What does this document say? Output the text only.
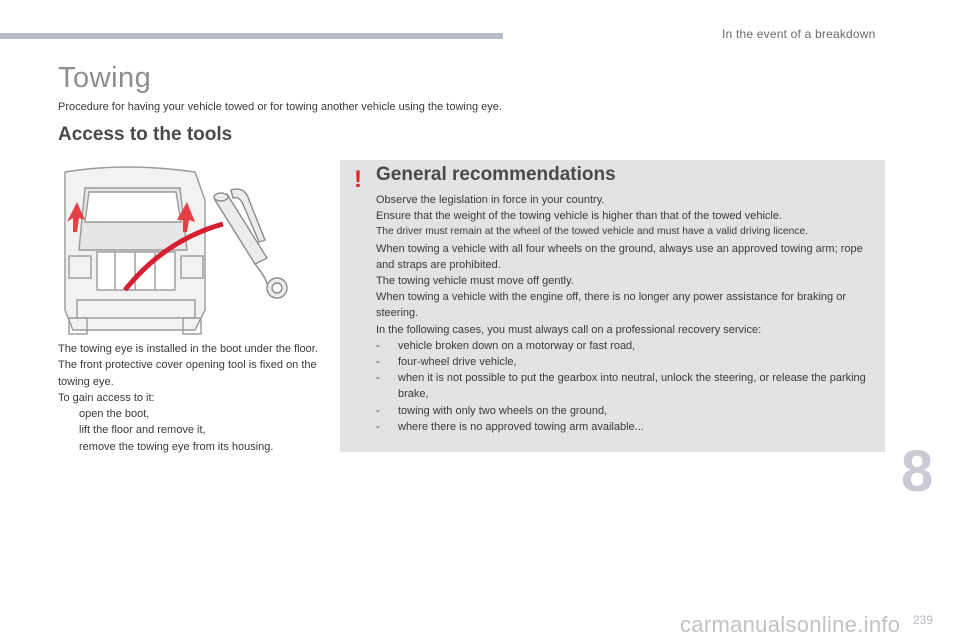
In the event of a breakdown
Towing
Procedure for having your vehicle towed or for towing another vehicle using the towing eye.
Access to the tools

The towing eye is installed in the boot under the floor.

The front protective cover opening tool is fixed on the towing eye.

To gain access to it:

open the boot,
lift the floor and remove it,
remove the towing eye from its housing.
! General recommendations

Observe the legislation in force in your country.

Ensure that the weight of the towing vehicle is higher than that of the towed vehicle.

The driver must remain at the wheel of the towed vehicle and must have a valid driving licence.

When towing a vehicle with all four wheels on the ground, always use an approved towing arm; rope and straps are prohibited.

The towing vehicle must move off gently.

When towing a vehicle with the engine off, there is no longer any power assistance for braking or steering.

In the following cases, you must always call on a professional recovery service:

-	vehicle broken down on a motorway or fast road,
-	four-wheel drive vehicle,
-	when it is not possible to put the gearbox into neutral, unlock the steering, or release the parking brake,
-	towing with only two wheels on the ground,
-	where there is no approved towing arm available...
8
239
carmanualsonline.info
